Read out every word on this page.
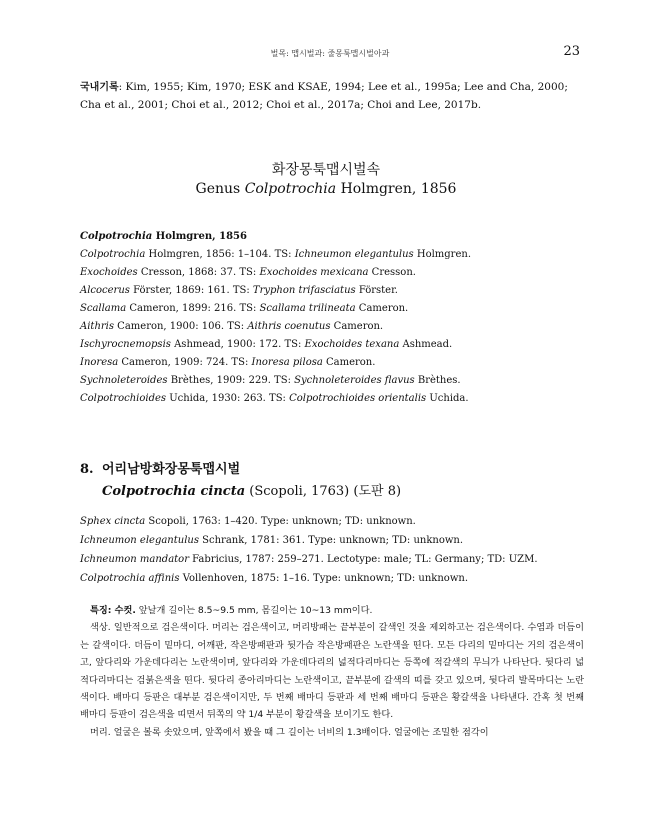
벌목: 맵시벌과: 줄몽툭맵시벌아과	23
국내기록: Kim, 1955; Kim, 1970; ESK and KSAE, 1994; Lee et al., 1995a; Lee and Cha, 2000; Cha et al., 2001; Choi et al., 2012; Choi et al., 2017a; Choi and Lee, 2017b.
화장몽툭맵시벌속
Genus Colpotrochia Holmgren, 1856
Colpotrochia Holmgren, 1856
Colpotrochia Holmgren, 1856: 1–104. TS: Ichneumon elegantulus Holmgren.
Exochoides Cresson, 1868: 37. TS: Exochoides mexicana Cresson.
Alcocerus Förster, 1869: 161. TS: Tryphon trifasciatus Förster.
Scallama Cameron, 1899: 216. TS: Scallama trilineata Cameron.
Aithris Cameron, 1900: 106. TS: Aithris coenutus Cameron.
Ischyrocnemopsis Ashmead, 1900: 172. TS: Exochoides texana Ashmead.
Inoresa Cameron, 1909: 724. TS: Inoresa pilosa Cameron.
Sychnoleteroides Brèthes, 1909: 229. TS: Sychnoleteroides flavus Brèthes.
Colpotrochioides Uchida, 1930: 263. TS: Colpotrochioides orientalis Uchida.
8. 어리남방화장몽툭맵시벌
Colpotrochia cincta (Scopoli, 1763) (도판 8)
Sphex cincta Scopoli, 1763: 1–420. Type: unknown; TD: unknown.
Ichneumon elegantulus Schrank, 1781: 361. Type: unknown; TD: unknown.
Ichneumon mandator Fabricius, 1787: 259–271. Lectotype: male; TL: Germany; TD: UZM.
Colpotrochia affinis Vollenhoven, 1875: 1–16. Type: unknown; TD: unknown.

특징: 수컷. 앞날개 길이는 8.5~9.5 mm, 몸길이는 10~13 mm이다.

색상. 일반적으로 검은색이다. 머리는 검은색이고, 머리방패는 끝부분이 갈색인 것을 제외하고는 검은색이다. 수염과 더듬이는 갈색이다. 더듬이 밑마디, 어깨판, 작은방패판과 뒷가슴 작은방패판은 노란색을 띤다. 모든 다리의 밑마디는 거의 검은색이고, 앞다리와 가운데다리는 노란색이며, 앞다리와 가운데다리의 넓적다리마디는 등쪽에 적갈색의 무늬가 나타난다. 뒷다리 넓적다리마디는 검붉은색을 띤다. 뒷다리 종아리마디는 노란색이고, 끝부분에 갈색의 띠를 갖고 있으며, 뒷다리 발목마디는 노란색이다. 배마디 등판은 대부분 검은색이지만, 두 번째 배마디 등판과 세 번째 배마디 등판은 황갈색을 나타낸다. 간혹 첫 번째 배마디 등판이 검은색을 띠면서 뒤쪽의 약 1/4 부분이 황갈색을 보이기도 한다.

머리. 얼굴은 볼록 솟았으며, 앞쪽에서 봤을 때 그 길이는 너비의 1.3배이다. 얼굴에는 조밀한 점각이
